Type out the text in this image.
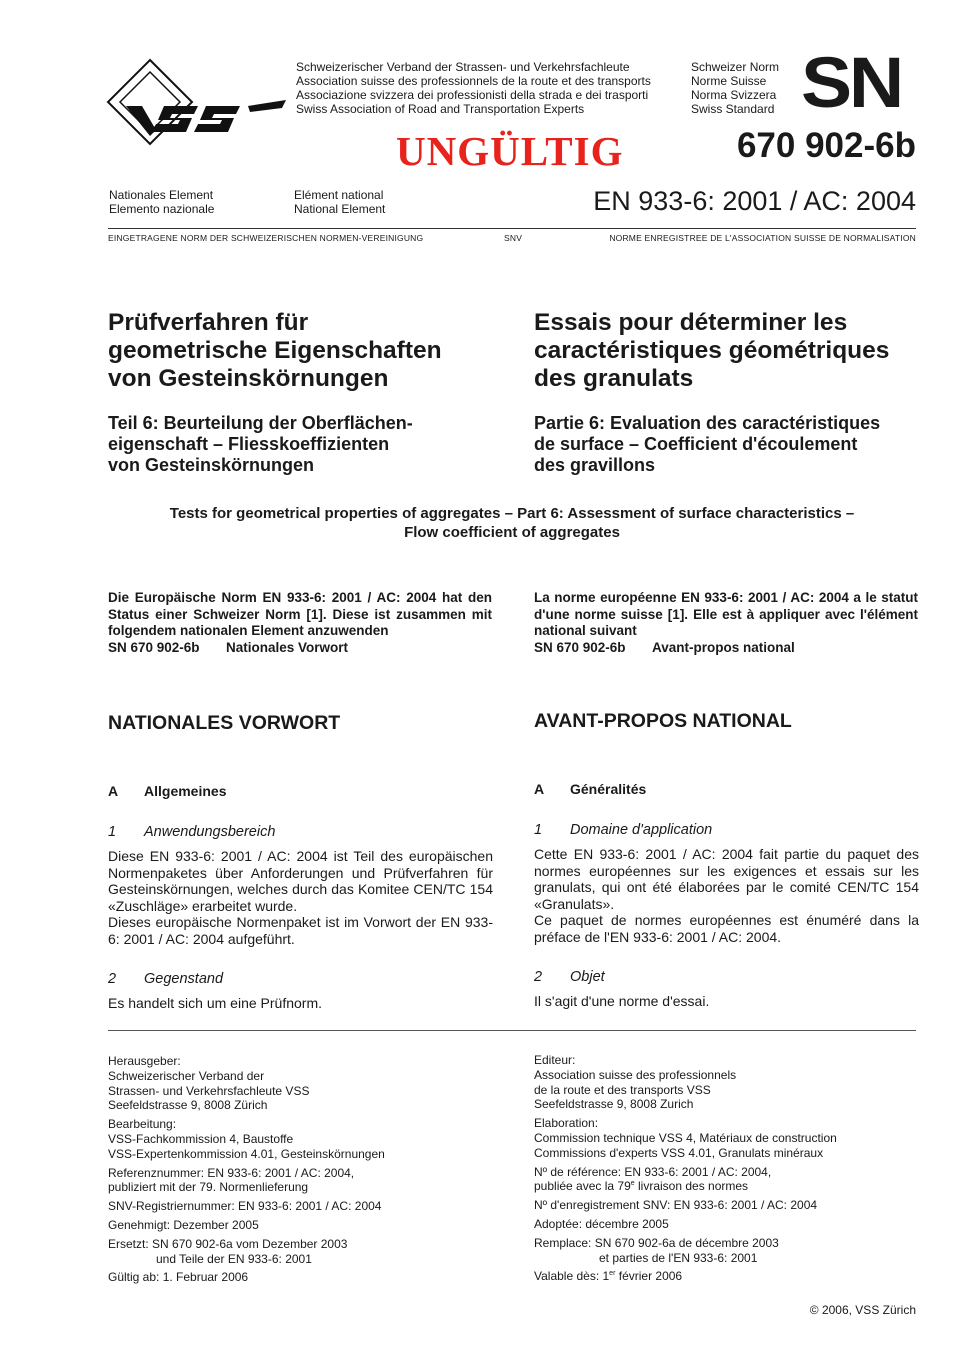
Schweizerischer Verband der Strassen- und Verkehrsfachleute
Association suisse des professionnels de la route et des transports
Associazione svizzera dei professionisti della strada e dei trasporti
Swiss Association of Road and Transportation Experts
Schweizer Norm
Norme Suisse
Norma Svizzera
Swiss Standard SN
UNGÜLTIG	670 902-6b
Nationales Element
Elemento nazionale
Elément national
National Element	EN 933-6: 2001 / AC: 2004
EINGETRAGENE NORM DER SCHWEIZERISCHEN NORMEN-VEREINIGUNG	SNV	NORME ENREGISTREE DE L'ASSOCIATION SUISSE DE NORMALISATION
Prüfverfahren für
geometrische Eigenschaften
von Gesteinskörnungen
Essais pour déterminer les
caractéristiques géométriques
des granulats
Teil 6: Beurteilung der Oberflächen-
eigenschaft – Fliesskoeffizienten
von Gesteinskörnungen
Partie 6: Evaluation des caractéristiques
de surface – Coefficient d'écoulement
des gravillons
Tests for geometrical properties of aggregates – Part 6: Assessment of surface characteristics –
Flow coefficient of aggregates
Die Europäische Norm EN 933-6: 2001 / AC: 2004 hat den Status einer Schweizer Norm [1]. Diese ist zusammen mit folgendem nationalen Element anzuwenden
SN 670 902-6b Nationales Vorwort
La norme européenne EN 933-6: 2001 / AC: 2004 a le statut d'une norme suisse [1]. Elle est à appliquer avec l'élément national suivant
SN 670 902-6b Avant-propos national
NATIONALES VORWORT	AVANT-PROPOS NATIONAL
A Allgemeines	A Généralités
1 Anwendungsbereich	1 Domaine d'application
Diese EN 933-6: 2001 / AC: 2004 ist Teil des europäischen Normenpaketes über Anforderungen und Prüfverfahren für Gesteinskörnungen, welches durch das Komitee CEN/TC 154 «Zuschläge» erarbeitet wurde.
Dieses europäische Normenpaket ist im Vorwort der EN 933-6: 2001 / AC: 2004 aufgeführt.
Cette EN 933-6: 2001 / AC: 2004 fait partie du paquet des normes européennes sur les exigences et essais sur les granulats, qui ont été élaborées par le comité CEN/TC 154 «Granulats».
Ce paquet de normes européennes est énuméré dans la préface de l'EN 933-6: 2001 / AC: 2004.
2 Gegenstand	2 Objet
Es handelt sich um eine Prüfnorm.	Il s'agit d'une norme d'essai.

Herausgeber:
Schweizerischer Verband der
Strassen- und Verkehrsfachleute VSS
Seefeldstrasse 9, 8008 Zürich

Bearbeitung:
VSS-Fachkommission 4, Baustoffe
VSS-Expertenkommission 4.01, Gesteinskörnungen

Referenznummer: EN 933-6: 2001 / AC: 2004,
publiziert mit der 79. Normenlieferung

SNV-Registriernummer: EN 933-6: 2001 / AC: 2004

Genehmigt: Dezember 2005

Ersetzt: SN 670 902-6a vom Dezember 2003

und Teile der EN 933-6: 2001

Gültig ab: 1. Februar 2006

Editeur:
Association suisse des professionnels
de la route et des transports VSS
Seefeldstrasse 9, 8008 Zurich

Elaboration:
Commission technique VSS 4, Matériaux de construction
Commissions d'experts VSS 4.01, Granulats minéraux

Nº de référence: EN 933-6: 2001 / AC: 2004,
publiée avec la 79e livraison des normes

Nº d'enregistrement SNV: EN 933-6: 2001 / AC: 2004

Adoptée: décembre 2005

Remplace: SN 670 902-6a de décembre 2003

et parties de l'EN 933-6: 2001

Valable dès: 1er février 2006

© 2006, VSS Zürich
